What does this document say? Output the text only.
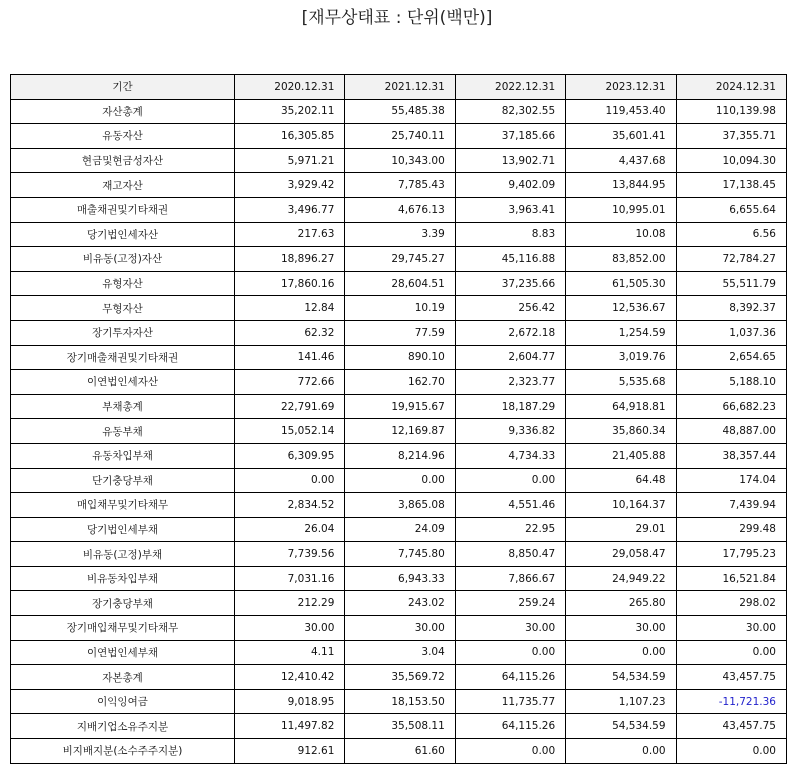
[재무상태표 : 단위(백만)]
기간	2020.12.31	2021.12.31	2022.12.31	2023.12.31	2024.12.31
자산총계	35,202.11	55,485.38	82,302.55	119,453.40	110,139.98
유동자산	16,305.85	25,740.11	37,185.66	35,601.41	37,355.71
현금및현금성자산	5,971.21	10,343.00	13,902.71	4,437.68	10,094.30
재고자산	3,929.42	7,785.43	9,402.09	13,844.95	17,138.45
매출채권및기타채권	3,496.77	4,676.13	3,963.41	10,995.01	6,655.64
당기법인세자산	217.63	3.39	8.83	10.08	6.56
비유동(고정)자산	18,896.27	29,745.27	45,116.88	83,852.00	72,784.27
유형자산	17,860.16	28,604.51	37,235.66	61,505.30	55,511.79
무형자산	12.84	10.19	256.42	12,536.67	8,392.37
장기투자자산	62.32	77.59	2,672.18	1,254.59	1,037.36
장기매출채권및기타채권	141.46	890.10	2,604.77	3,019.76	2,654.65
이연법인세자산	772.66	162.70	2,323.77	5,535.68	5,188.10
부채총계	22,791.69	19,915.67	18,187.29	64,918.81	66,682.23
유동부채	15,052.14	12,169.87	9,336.82	35,860.34	48,887.00
유동차입부채	6,309.95	8,214.96	4,734.33	21,405.88	38,357.44
단기충당부채	0.00	0.00	0.00	64.48	174.04
매입채무및기타채무	2,834.52	3,865.08	4,551.46	10,164.37	7,439.94
당기법인세부채	26.04	24.09	22.95	29.01	299.48
비유동(고정)부채	7,739.56	7,745.80	8,850.47	29,058.47	17,795.23
비유동차입부채	7,031.16	6,943.33	7,866.67	24,949.22	16,521.84
장기충당부채	212.29	243.02	259.24	265.80	298.02
장기매입채무및기타채무	30.00	30.00	30.00	30.00	30.00
이연법인세부채	4.11	3.04	0.00	0.00	0.00
자본총계	12,410.42	35,569.72	64,115.26	54,534.59	43,457.75
이익잉여금	9,018.95	18,153.50	11,735.77	1,107.23	-11,721.36
지배기업소유주지분	11,497.82	35,508.11	64,115.26	54,534.59	43,457.75
비지배지분(소수주주지분)	912.61	61.60	0.00	0.00	0.00
